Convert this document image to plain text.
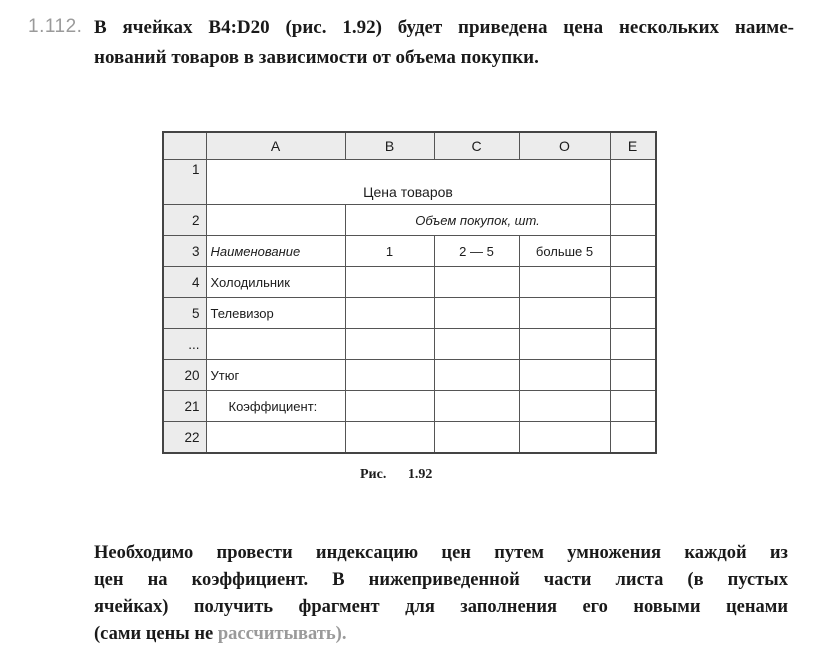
1.112. В ячейках B4:D20 (рис. 1.92) будет приведена цена нескольких наиме-
нований товаров в зависимости от объема покупки.
	A	B	C	O	E
1	Цена товаров				
2		Объем покупок, шт.			
3	Наименование	1	2 — 5	больше 5	
4	Холодильник				
5	Телевизор				
...					
20	Утюг				
21	Коэффициент:				
22					
Рис. 1.92
Необходимо провести индексацию цен путем умножения каждой из
цен на коэффициент. В нижеприведенной части листа (в пустых
ячейках) получить фрагмент для заполнения его новыми ценами
(сами цены не рассчитывать).
